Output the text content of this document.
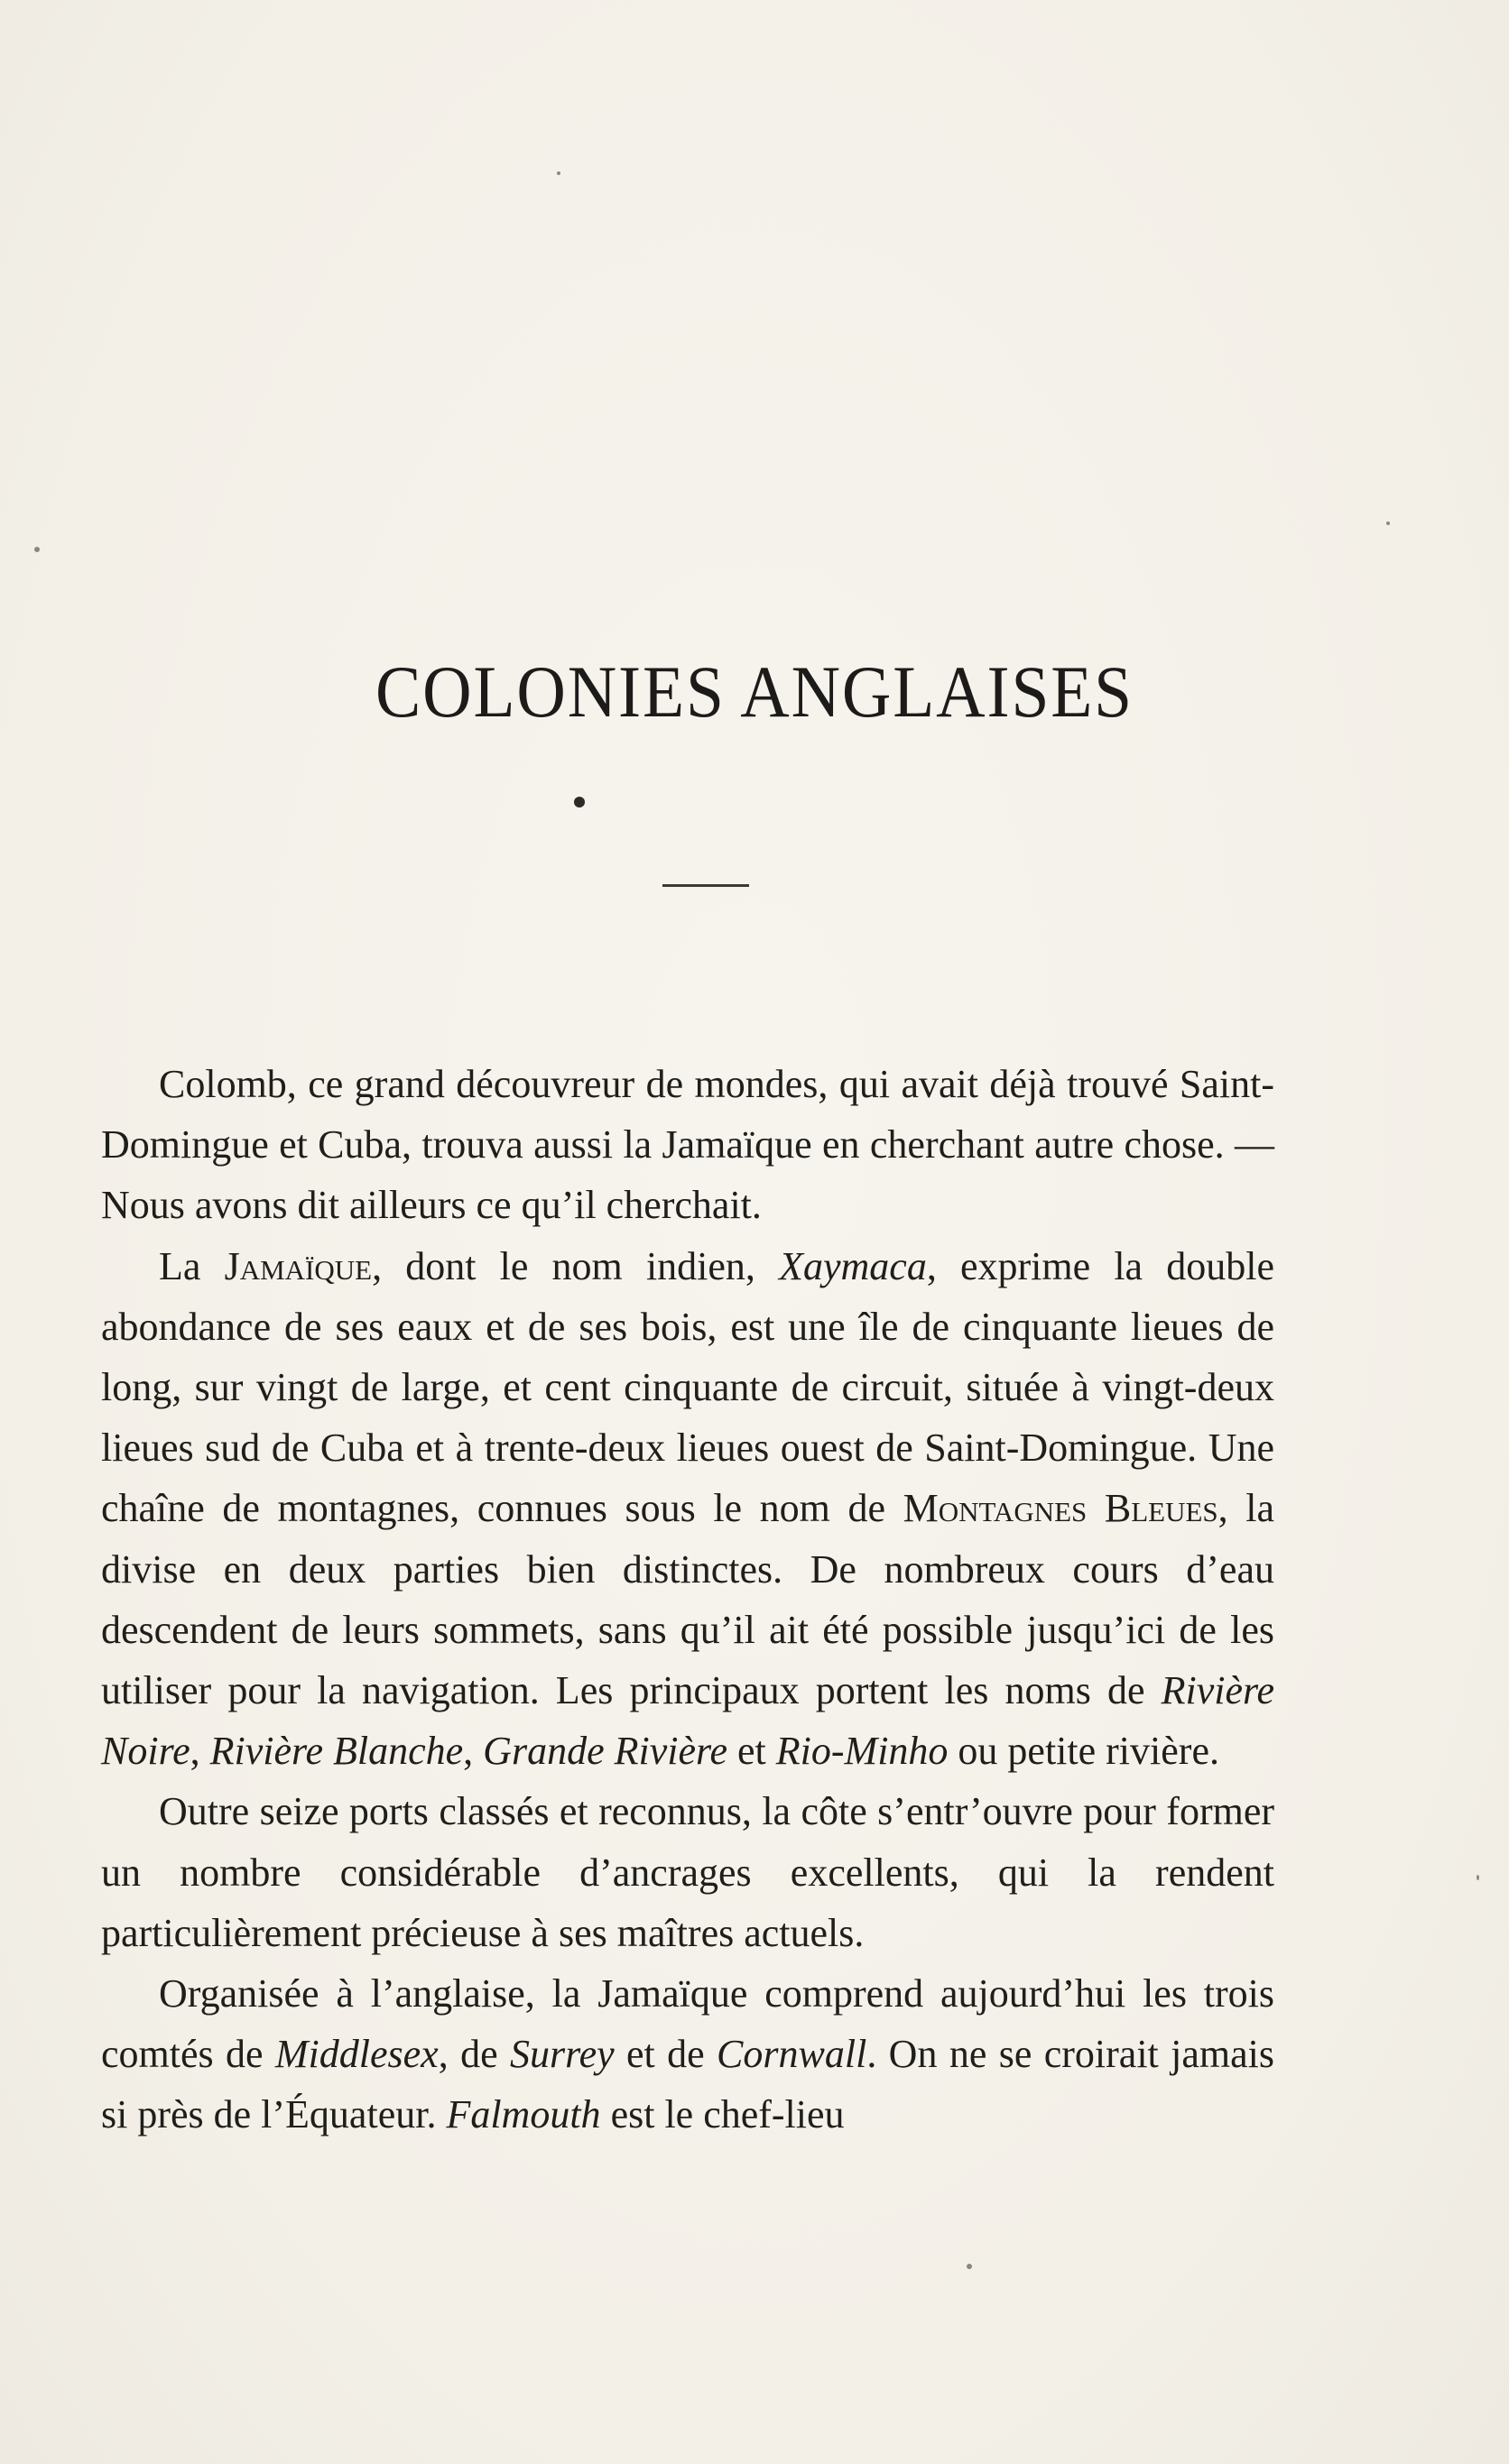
COLONIES ANGLAISES

Colomb, ce grand découvreur de mondes, qui avait déjà trouvé Saint-Domingue et Cuba, trouva aussi la Jamaïque en cherchant autre chose. — Nous avons dit ailleurs ce qu’il cherchait.

La Jamaïque, dont le nom indien, Xaymaca, exprime la double abondance de ses eaux et de ses bois, est une île de cinquante lieues de long, sur vingt de large, et cent cinquante de circuit, située à vingt-deux lieues sud de Cuba et à trente-deux lieues ouest de Saint-Domingue. Une chaîne de montagnes, connues sous le nom de Montagnes Bleues, la divise en deux parties bien distinctes. De nombreux cours d’eau descendent de leurs sommets, sans qu’il ait été possible jusqu’ici de les utiliser pour la navigation. Les principaux portent les noms de Rivière Noire, Rivière Blanche, Grande Rivière et Rio-Minho ou petite rivière.

Outre seize ports classés et reconnus, la côte s’entr’ouvre pour former un nombre considérable d’ancrages excellents, qui la rendent particulièrement précieuse à ses maîtres actuels.

Organisée à l’anglaise, la Jamaïque comprend aujourd’hui les trois comtés de Middlesex, de Surrey et de Cornwall. On ne se croirait jamais si près de l’Équateur. Falmouth est le chef-lieu
